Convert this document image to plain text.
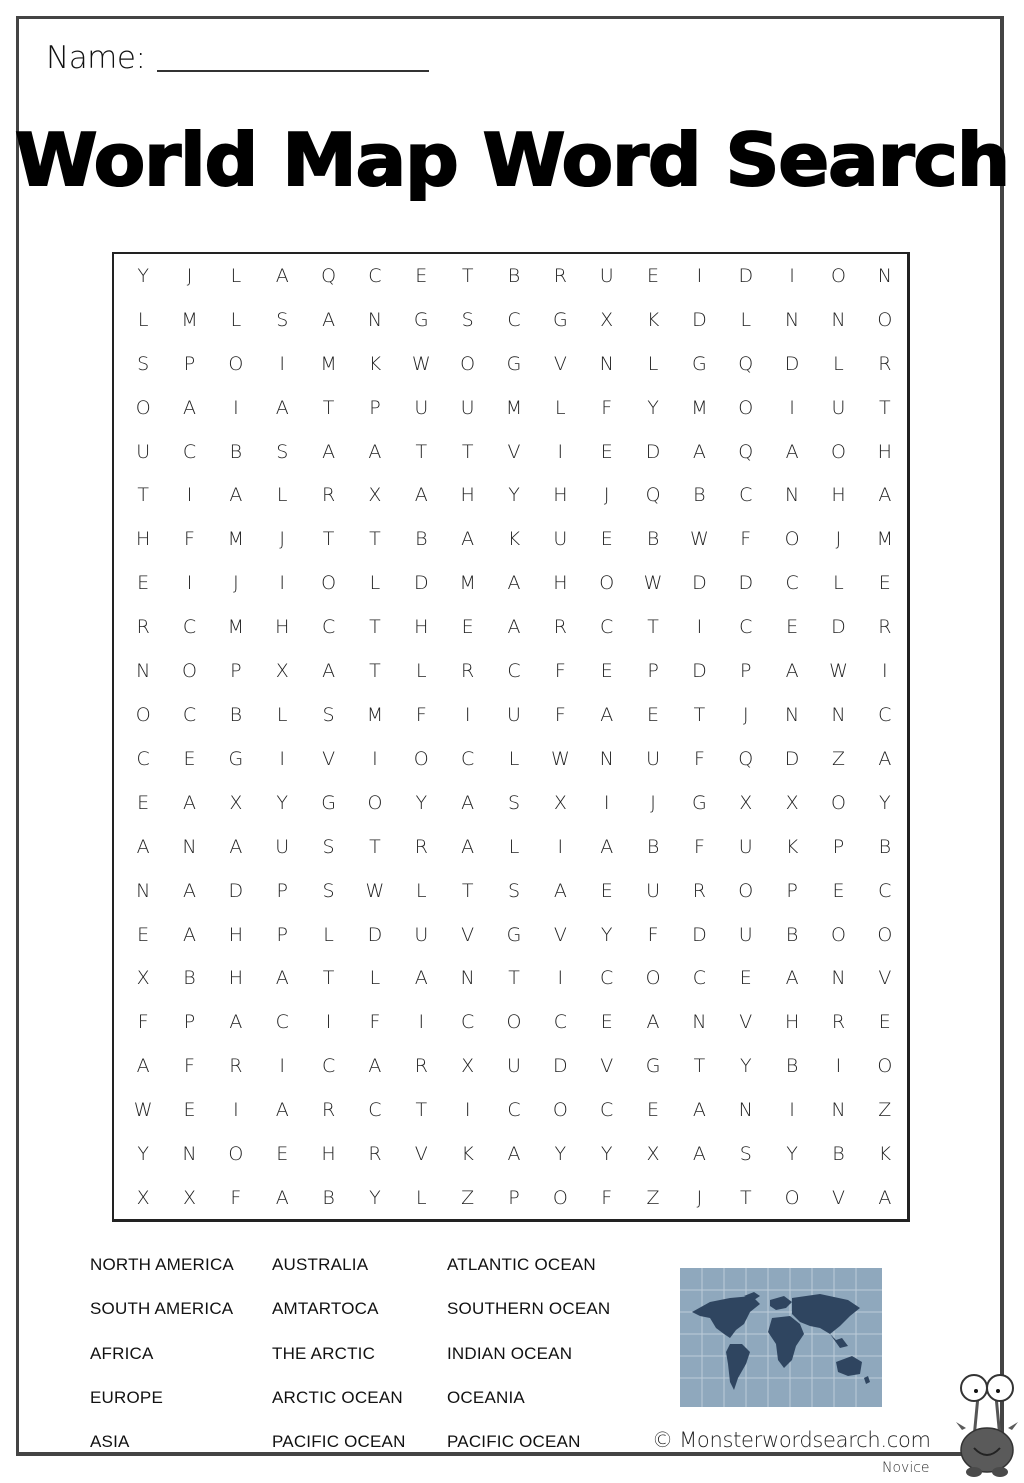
Name:
World Map Word Search
Y	J	L	A	Q	C	E	T	B	R	U	E	I	D	I	O	N
L	M	L	S	A	N	G	S	C	G	X	K	D	L	N	N	O
S	P	O	I	M	K	W	O	G	V	N	L	G	Q	D	L	R
O	A	I	A	T	P	U	U	M	L	F	Y	M	O	I	U	T
U	C	B	S	A	A	T	T	V	I	E	D	A	Q	A	O	H
T	I	A	L	R	X	A	H	Y	H	J	Q	B	C	N	H	A
H	F	M	J	T	T	B	A	K	U	E	B	W	F	O	J	M
E	I	J	I	O	L	D	M	A	H	O	W	D	D	C	L	E
R	C	M	H	C	T	H	E	A	R	C	T	I	C	E	D	R
N	O	P	X	A	T	L	R	C	F	E	P	D	P	A	W	I
O	C	B	L	S	M	F	I	U	F	A	E	T	J	N	N	C
C	E	G	I	V	I	O	C	L	W	N	U	F	Q	D	Z	A
E	A	X	Y	G	O	Y	A	S	X	I	J	G	X	X	O	Y
A	N	A	U	S	T	R	A	L	I	A	B	F	U	K	P	B
N	A	D	P	S	W	L	T	S	A	E	U	R	O	P	E	C
E	A	H	P	L	D	U	V	G	V	Y	F	D	U	B	O	O
X	B	H	A	T	L	A	N	T	I	C	O	C	E	A	N	V
F	P	A	C	I	F	I	C	O	C	E	A	N	V	H	R	E
A	F	R	I	C	A	R	X	U	D	V	G	T	Y	B	I	O
W	E	I	A	R	C	T	I	C	O	C	E	A	N	I	N	Z
Y	N	O	E	H	R	V	K	A	Y	Y	X	A	S	Y	B	K
X	X	F	A	B	Y	L	Z	P	O	F	Z	J	T	O	V	A
NORTH AMERICA
SOUTH AMERICA
AFRICA
EUROPE
ASIA
AUSTRALIA
AMTARTOCA
THE ARCTIC
ARCTIC OCEAN
PACIFIC OCEAN
ATLANTIC OCEAN
SOUTHERN OCEAN
INDIAN OCEAN
OCEANIA
PACIFIC OCEAN	© Monsterwordsearch.com
Novice
